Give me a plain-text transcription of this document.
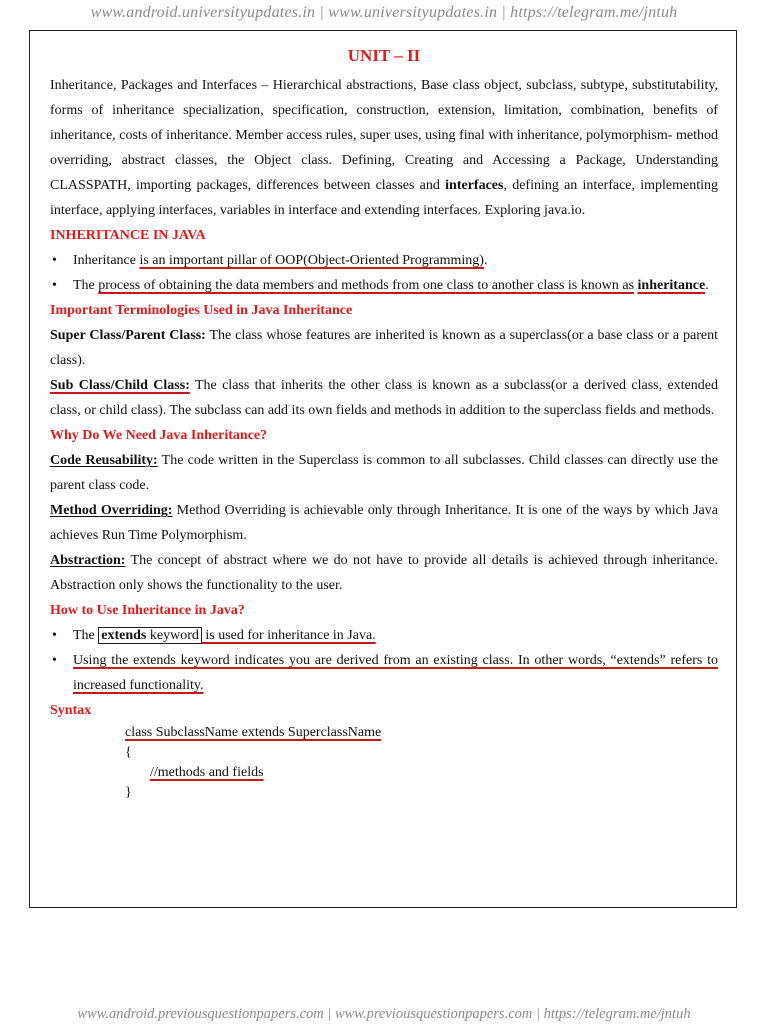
www.android.universityupdates.in | www.universityupdates.in | https://telegram.me/jntuh
UNIT – II

Inheritance, Packages and Interfaces – Hierarchical abstractions, Base class object, subclass, subtype, substitutability, forms of inheritance specialization, specification, construction, extension, limitation, combination, benefits of inheritance, costs of inheritance. Member access rules, super uses, using final with inheritance, polymorphism- method overriding, abstract classes, the Object class. Defining, Creating and Accessing a Package, Understanding CLASSPATH, importing packages, differences between classes and interfaces, defining an interface, implementing interface, applying interfaces, variables in interface and extending interfaces. Exploring java.io.

INHERITANCE IN JAVA
• Inheritance is an important pillar of OOP(Object-Oriented Programming).
• The process of obtaining the data members and methods from one class to another class is known as inheritance.
Important Terminologies Used in Java Inheritance

Super Class/Parent Class: The class whose features are inherited is known as a superclass(or a base class or a parent class).

Sub Class/Child Class: The class that inherits the other class is known as a subclass(or a derived class, extended class, or child class). The subclass can add its own fields and methods in addition to the superclass fields and methods.

Why Do We Need Java Inheritance?

Code Reusability: The code written in the Superclass is common to all subclasses. Child classes can directly use the parent class code.

Method Overriding: Method Overriding is achievable only through Inheritance. It is one of the ways by which Java achieves Run Time Polymorphism.

Abstraction: The concept of abstract where we do not have to provide all details is achieved through inheritance. Abstraction only shows the functionality to the user.

How to Use Inheritance in Java?
• The extends keyword is used for inheritance in Java.
• Using the extends keyword indicates you are derived from an existing class. In other words, “extends” refers to increased functionality.
Syntax
class SubclassName extends SuperclassName
{
//methods and fields
}
www.android.previousquestionpapers.com | www.previousquestionpapers.com | https://telegram.me/jntuh
